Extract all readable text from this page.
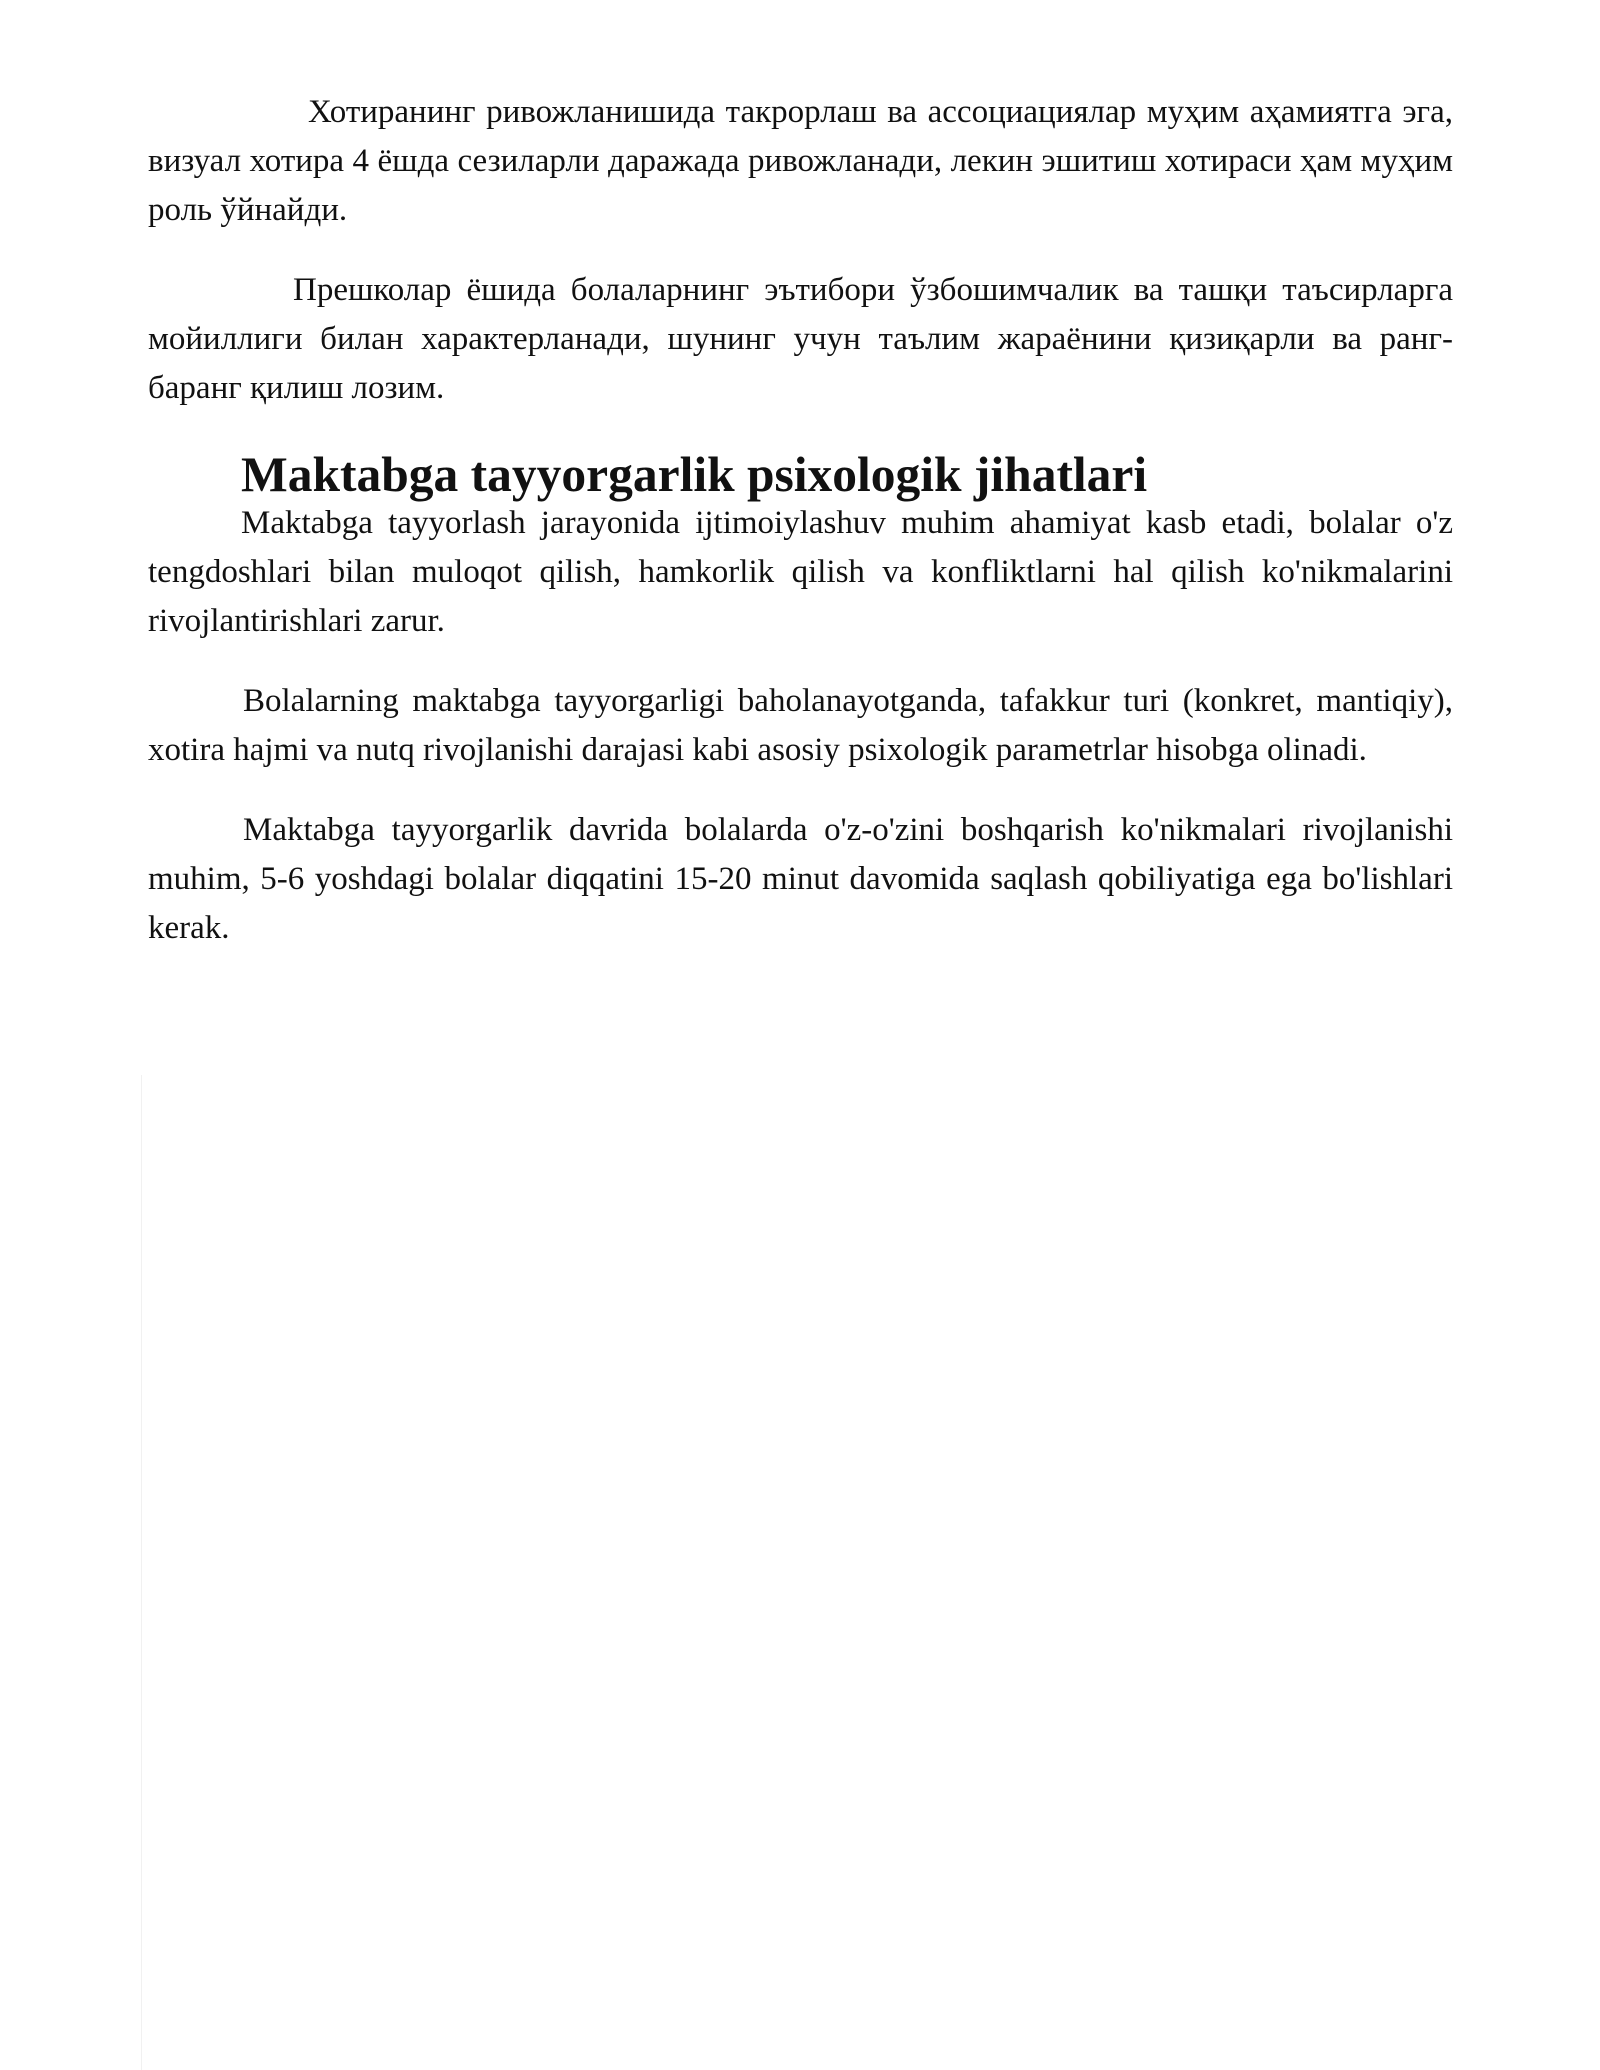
Хотиранинг ривожланишида такрорлаш ва ассоциациялар муҳим аҳамиятга эга, визуал хотира 4 ёшда сезиларли даражада ривожланади, лекин эшитиш хотираси ҳам муҳим роль ўйнайди.

Прешколар ёшида болаларнинг эътибори ўзбошимчалик ва ташқи таъсирларга мойиллиги билан характерланади, шунинг учун таълим жараёнини қизиқарли ва ранг-баранг қилиш лозим.

Maktabga tayyorgarlik psixologik jihatlari

Maktabga tayyorlash jarayonida ijtimoiylashuv muhim ahamiyat kasb etadi, bolalar o'z tengdoshlari bilan muloqot qilish, hamkorlik qilish va konfliktlarni hal qilish ko'nikmalarini rivojlantirishlari zarur.

Bolalarning maktabga tayyorgarligi baholanayotganda, tafakkur turi (konkret, mantiqiy), xotira hajmi va nutq rivojlanishi darajasi kabi asosiy psixologik parametrlar hisobga olinadi.

Maktabga tayyorgarlik davrida bolalarda o'z-o'zini boshqarish ko'nikmalari rivojlanishi muhim, 5-6 yoshdagi bolalar diqqatini 15-20 minut davomida saqlash qobiliyatiga ega bo'lishlari kerak.
